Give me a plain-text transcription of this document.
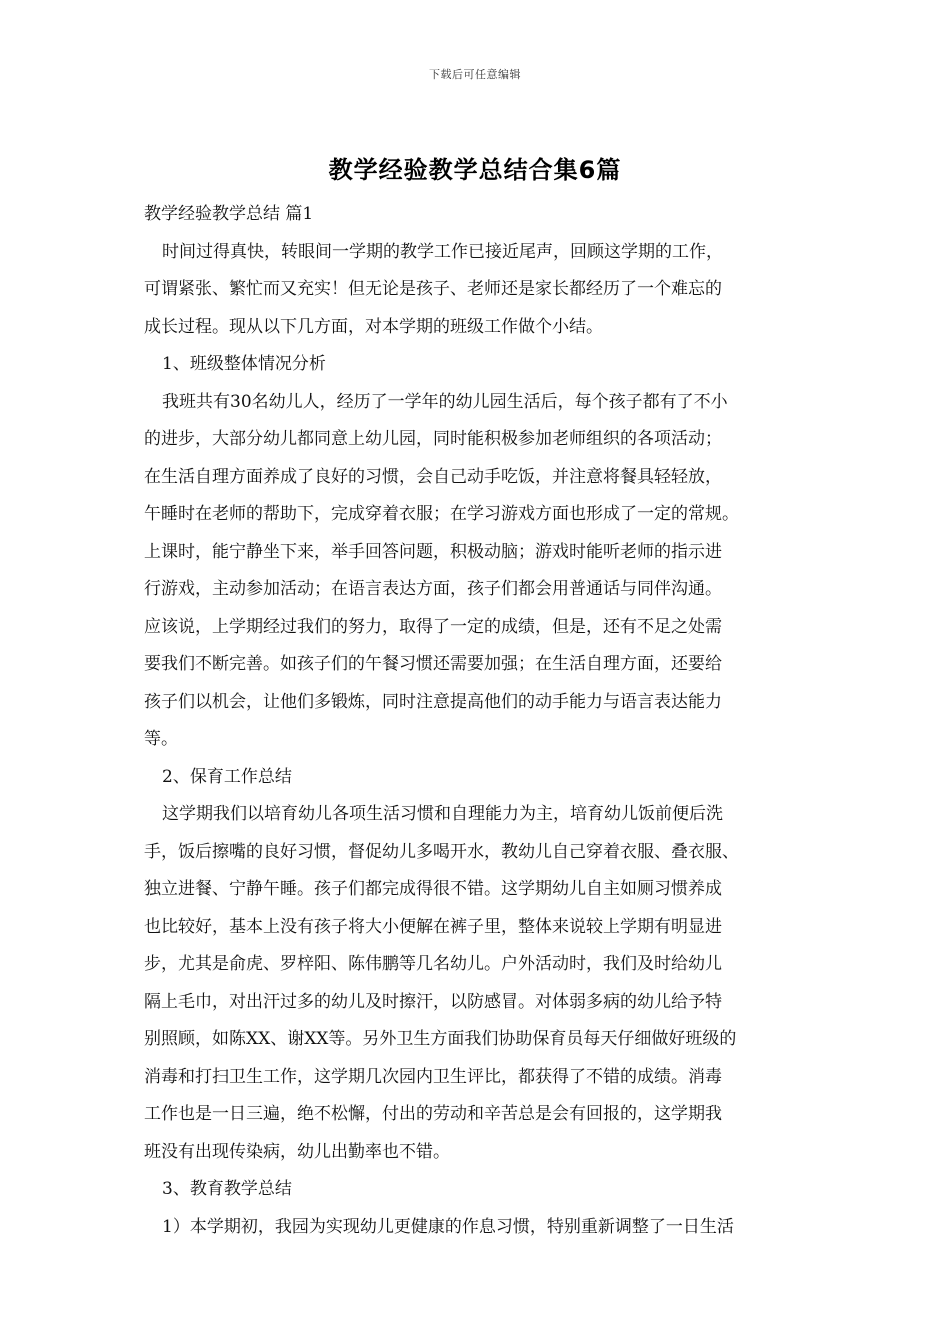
下载后可任意编辑
教学经验教学总结合集6篇
教学经验教学总结 篇1
时间过得真快，转眼间一学期的教学工作已接近尾声，回顾这学期的工作，
可谓紧张、繁忙而又充实！但无论是孩子、老师还是家长都经历了一个难忘的
成长过程。现从以下几方面，对本学期的班级工作做个小结。
1、班级整体情况分析
我班共有30名幼儿人，经历了一学年的幼儿园生活后，每个孩子都有了不小
的进步，大部分幼儿都同意上幼儿园，同时能积极参加老师组织的各项活动；
在生活自理方面养成了良好的习惯，会自己动手吃饭，并注意将餐具轻轻放，
午睡时在老师的帮助下，完成穿着衣服；在学习游戏方面也形成了一定的常规。
上课时，能宁静坐下来，举手回答问题，积极动脑；游戏时能听老师的指示进
行游戏，主动参加活动；在语言表达方面，孩子们都会用普通话与同伴沟通。
应该说，上学期经过我们的努力，取得了一定的成绩，但是，还有不足之处需
要我们不断完善。如孩子们的午餐习惯还需要加强；在生活自理方面，还要给
孩子们以机会，让他们多锻炼，同时注意提高他们的动手能力与语言表达能力
等。
2、保育工作总结
这学期我们以培育幼儿各项生活习惯和自理能力为主，培育幼儿饭前便后洗
手，饭后擦嘴的良好习惯，督促幼儿多喝开水，教幼儿自己穿着衣服、叠衣服、
独立进餐、宁静午睡。孩子们都完成得很不错。这学期幼儿自主如厕习惯养成
也比较好，基本上没有孩子将大小便解在裤子里，整体来说较上学期有明显进
步，尤其是俞虎、罗梓阳、陈伟鹏等几名幼儿。户外活动时，我们及时给幼儿
隔上毛巾，对出汗过多的幼儿及时擦汗，以防感冒。对体弱多病的幼儿给予特
别照顾，如陈XX、谢XX等。另外卫生方面我们协助保育员每天仔细做好班级的
消毒和打扫卫生工作，这学期几次园内卫生评比，都获得了不错的成绩。消毒
工作也是一日三遍，绝不松懈，付出的劳动和辛苦总是会有回报的，这学期我
班没有出现传染病，幼儿出勤率也不错。
3、教育教学总结
1）本学期初，我园为实现幼儿更健康的作息习惯，特别重新调整了一日生活
